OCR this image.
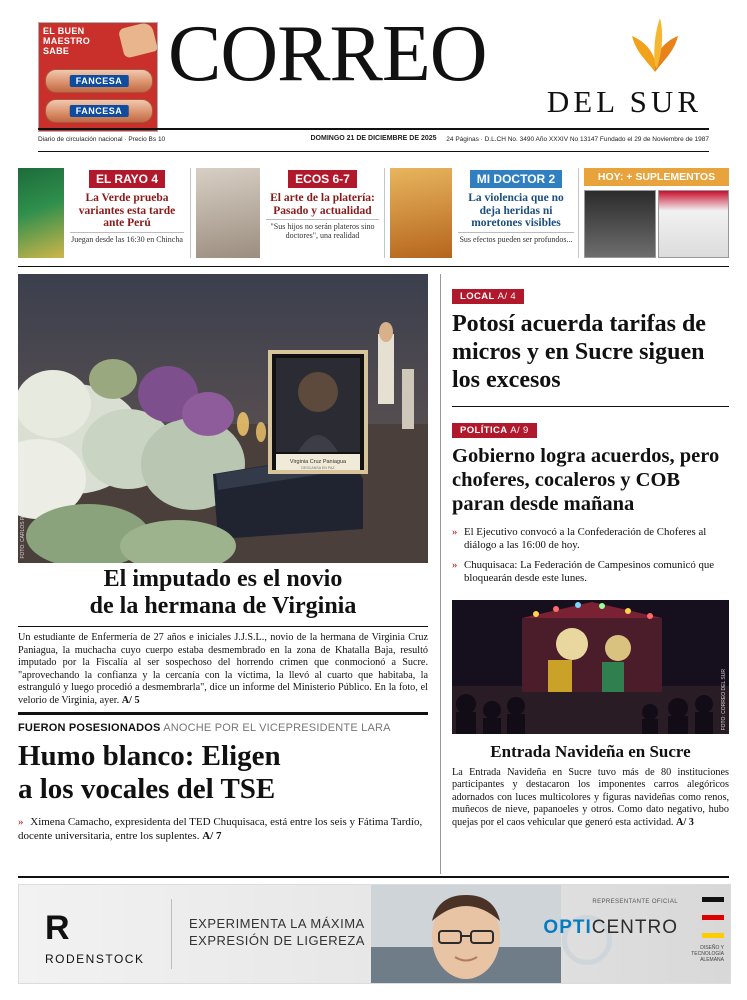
EL BUEN
MAESTRO
SABE
FANCESA
FANCESA
CORREO
DEL SUR
Diario de circulación nacional · Precio Bs 10	DOMINGO 21 DE DICIEMBRE DE 2025 24 Páginas · D.L.CH No. 3490 Año XXXIV No 13147 Fundado el 29 de Noviembre de 1987
EL RAYO 4
La Verde prueba variantes esta tarde ante Perú
Juegan desde las 16:30 en Chincha
ECOS 6-7
El arte de la platería: Pasado y actualidad
"Sus hijos no serán plateros sino doctores", una realidad
MI DOCTOR 2
La violencia que no deja heridas ni moretones visibles
Sus efectos pueden ser profundos...
HOY: + SUPLEMENTOS
Virginia Cruz Paniagua
DESCANSA EN PAZ
FOTO: CARLOS RODRÍGUEZ / CORREO DEL SUR
El imputado es el novio
de la hermana de Virginia
Un estudiante de Enfermería de 27 años e iniciales J.J.S.L., novio de la hermana de Virginia Cruz Paniagua, la muchacha cuyo cuerpo estaba desmembrado en la zona de Khatalla Baja, resultó imputado por la Fiscalía al ser sospechoso del horrendo crimen que conmocionó a Sucre. "aprovechando la confianza y la cercanía con la víctima, la llevó al cuarto que habitaba, la estranguló y luego procedió a desmembrarla", dice un informe del Ministerio Público. En la foto, el velorio de Virginia, ayer. A/ 5
FUERON POSESIONADOS ANOCHE POR EL VICEPRESIDENTE LARA
Humo blanco: Eligen
a los vocales del TSE
» Ximena Camacho, expresidenta del TED Chuquisaca, está entre los seis y Fátima Tardío, docente universitaria, entre los suplentes. A/ 7
LOCAL A/ 4
Potosí acuerda tarifas de micros y en Sucre siguen los excesos
POLÍTICA A/ 9
Gobierno logra acuerdos, pero choferes, cocaleros y COB paran desde mañana
» El Ejecutivo convocó a la Confederación de Choferes al diálogo a las 16:00 de hoy.
» Chuquisaca: La Federación de Campesinos comunicó que bloquearán desde este lunes.
FOTO: CORREO DEL SUR
Entrada Navideña en Sucre

La Entrada Navideña en Sucre tuvo más de 80 instituciones participantes y destacaron los imponentes carros alegóricos adornados con luces multicolores y figuras navideñas como renos, muñecos de nieve, papanoeles y otros. Como dato negativo, hubo quejas por el caos vehicular que generó esta actividad. A/ 3

R
RODENSTOCK
EXPERIMENTA LA MÁXIMA
EXPRESIÓN DE LIGEREZA
REPRESENTANTE OFICIAL
OPTICENTRO
DISEÑO Y
TECNOLOGÍA
ALEMANA
